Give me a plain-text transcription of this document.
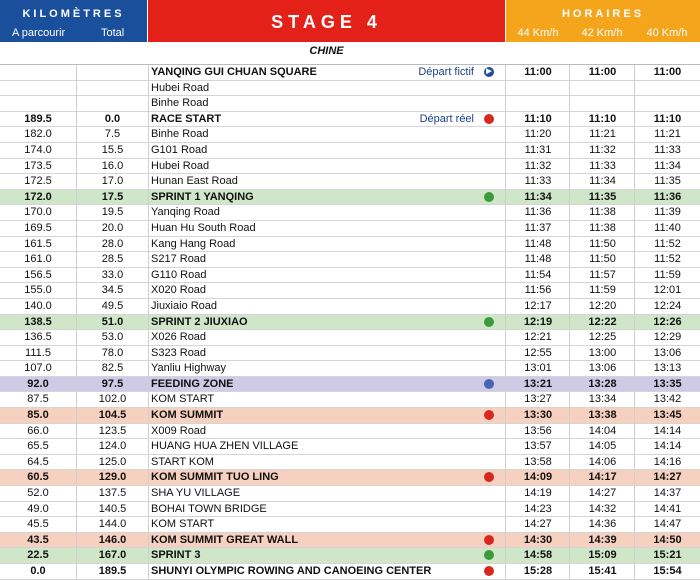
KILOMÈTRES
A parcourir	Total
STAGE 4	HORAIRES
44 Km/h	42 Km/h	40 Km/h
CHINE
YANQING GUI CHUAN SQUARE	11:00	11:00	11:00
Départ fictif	▶
Hubei Road
Binhe Road
189.5	0.0	RACE START	11:10	11:10	11:10
Départ réel
182.0	7.5	Binhe Road	11:20	11:21	11:21
174.0	15.5	G101 Road	11:31	11:32	11:33
173.5	16.0	Hubei Road	11:32	11:33	11:34
172.5	17.0	Hunan East Road	11:33	11:34	11:35
172.0	17.5	SPRINT 1 YANQING	11:34	11:35	11:36
170.0	19.5	Yanqing Road	11:36	11:38	11:39
169.5	20.0	Huan Hu South Road	11:37	11:38	11:40
161.5	28.0	Kang Hang Road	11:48	11:50	11:52
161.0	28.5	S217 Road	11:48	11:50	11:52
156.5	33.0	G110 Road	11:54	11:57	11:59
155.0	34.5	X020 Road	11:56	11:59	12:01
140.0	49.5	Jiuxiaio Road	12:17	12:20	12:24
138.5	51.0	SPRINT 2 JIUXIAO	12:19	12:22	12:26
136.5	53.0	X026 Road	12:21	12:25	12:29
111.5	78.0	S323 Road	12:55	13:00	13:06
107.0	82.5	Yanliu Highway	13:01	13:06	13:13
92.0	97.5	FEEDING ZONE	13:21	13:28	13:35
87.5	102.0	KOM START	13:27	13:34	13:42
85.0	104.5	KOM SUMMIT	13:30	13:38	13:45
66.0	123.5	X009 Road	13:56	14:04	14:14
65.5	124.0	HUANG HUA ZHEN VILLAGE	13:57	14:05	14:14
64.5	125.0	START KOM	13:58	14:06	14:16
60.5	129.0	KOM SUMMIT TUO LING	14:09	14:17	14:27
52.0	137.5	SHA YU VILLAGE	14:19	14:27	14:37
49.0	140.5	BOHAI TOWN BRIDGE	14:23	14:32	14:41
45.5	144.0	KOM START	14:27	14:36	14:47
43.5	146.0	KOM SUMMIT GREAT WALL	14:30	14:39	14:50
22.5	167.0	SPRINT 3	14:58	15:09	15:21
0.0	189.5	SHUNYI OLYMPIC ROWING AND CANOEING CENTER	15:28	15:41	15:54
